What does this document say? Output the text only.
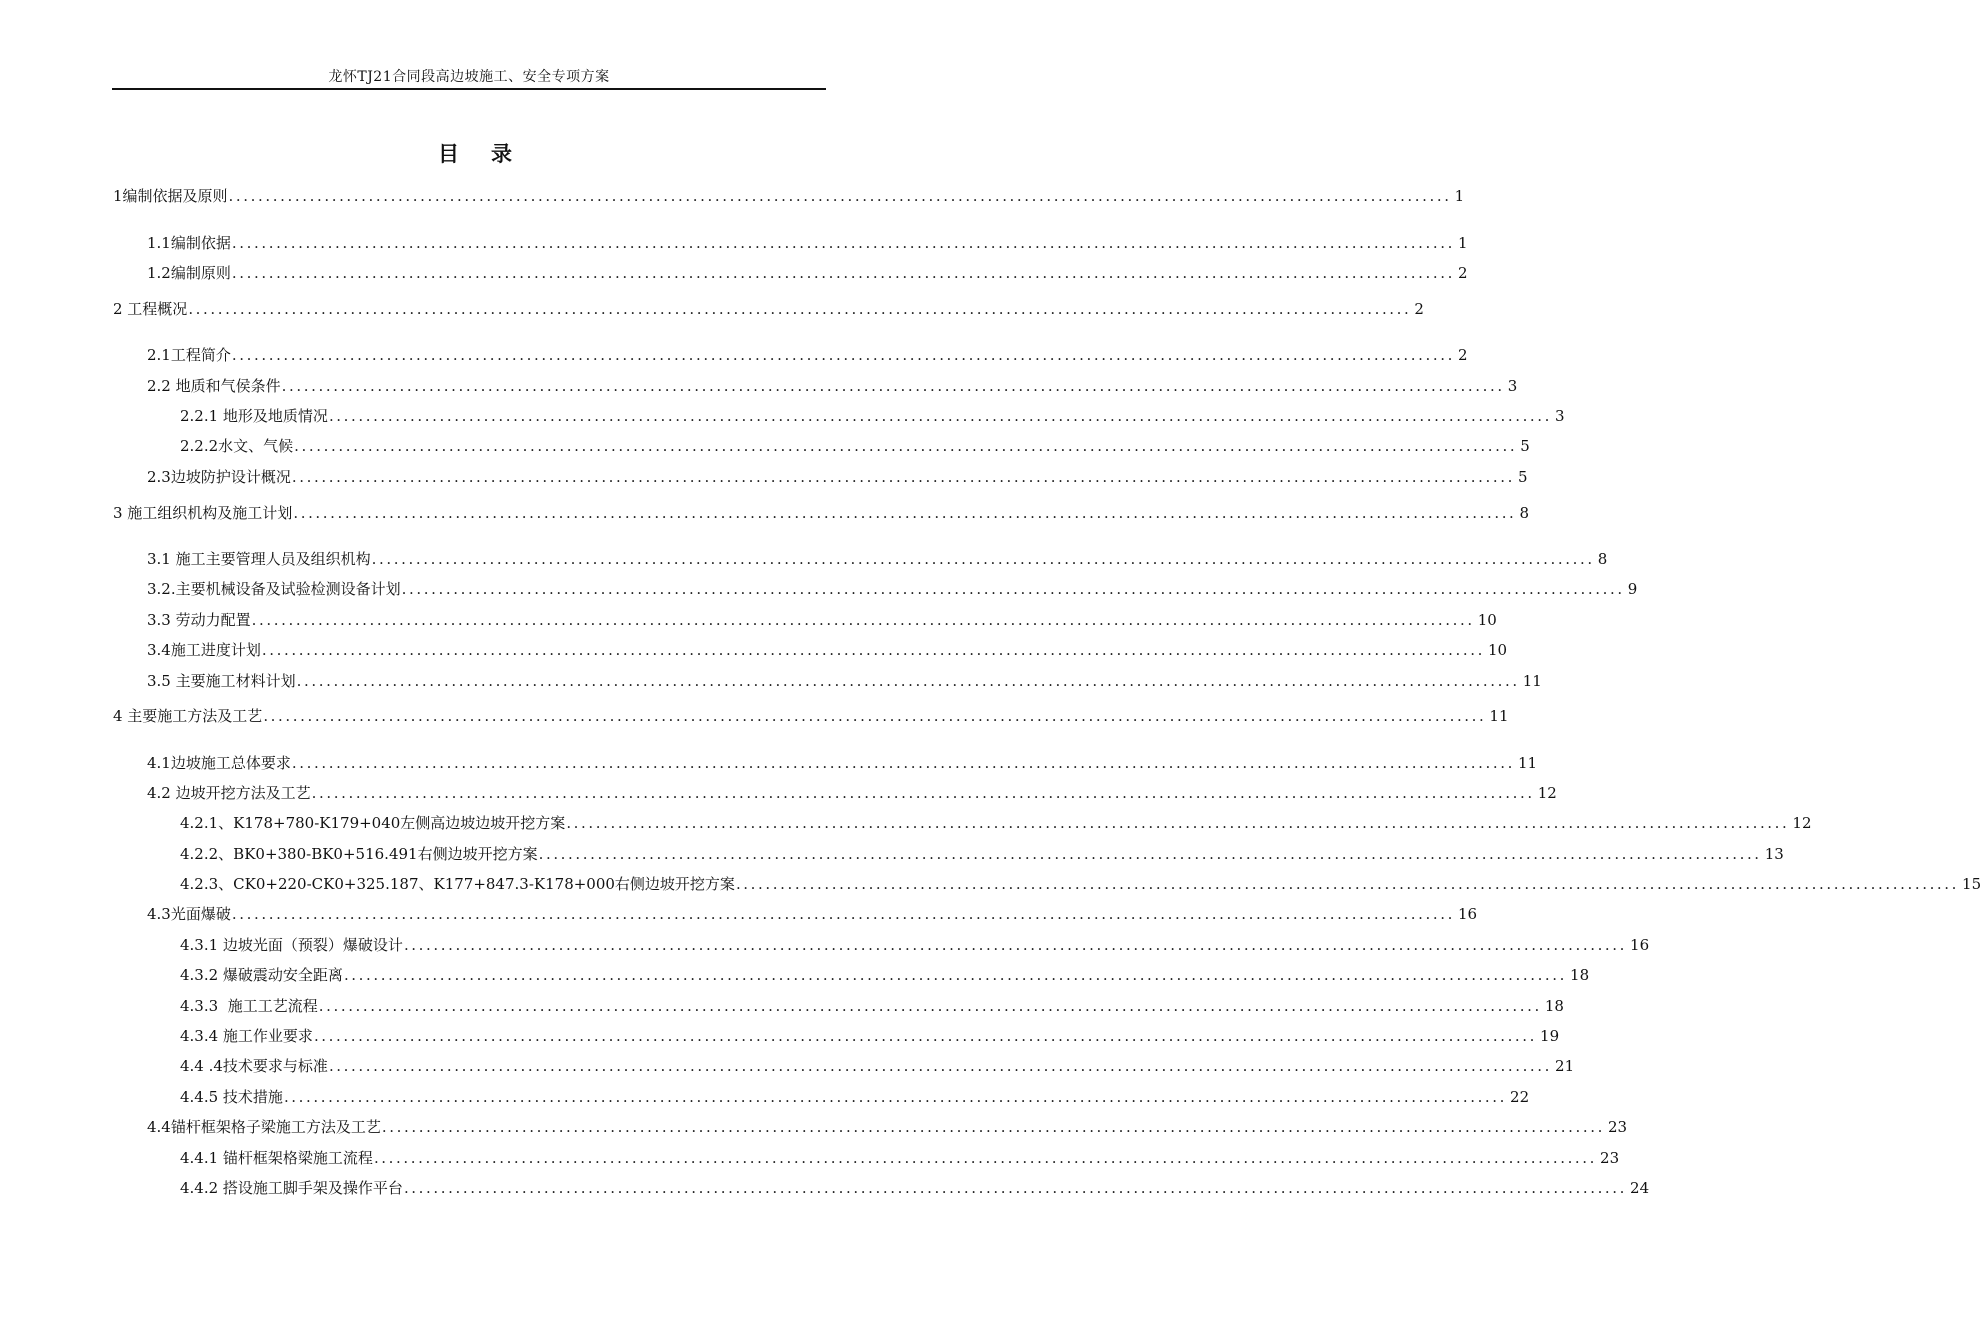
龙怀TJ21合同段高边坡施工、安全专项方案
目录
1编制依据及原则 ...................................................................................................................................................................... 1
1.1编制依据 ...................................................................................................................................................................... 1
1.2编制原则 ...................................................................................................................................................................... 2
2 工程概况 ...................................................................................................................................................................... 2
2.1工程简介 ...................................................................................................................................................................... 2
2.2 地质和气侯条件 ...................................................................................................................................................................... 3
2.2.1 地形及地质情况 ...................................................................................................................................................................... 3
2.2.2水文、气候 ...................................................................................................................................................................... 5
2.3边坡防护设计概况 ...................................................................................................................................................................... 5
3 施工组织机构及施工计划 ...................................................................................................................................................................... 8
3.1 施工主要管理人员及组织机构 ...................................................................................................................................................................... 8
3.2.主要机械设备及试验检测设备计划 ...................................................................................................................................................................... 9
3.3 劳动力配置 ...................................................................................................................................................................... 10
3.4施工进度计划 ...................................................................................................................................................................... 10
3.5 主要施工材料计划 ...................................................................................................................................................................... 11
4 主要施工方法及工艺 ...................................................................................................................................................................... 11
4.1边坡施工总体要求 ...................................................................................................................................................................... 11
4.2 边坡开挖方法及工艺 ...................................................................................................................................................................... 12
4.2.1、K178+780-K179+040左侧高边坡边坡开挖方案 ...................................................................................................................................................................... 12
4.2.2、BK0+380-BK0+516.491右侧边坡开挖方案 ...................................................................................................................................................................... 13
4.2.3、CK0+220-CK0+325.187、K177+847.3-K178+000右侧边坡开挖方案 ...................................................................................................................................................................... 15
4.3光面爆破 ...................................................................................................................................................................... 16
4.3.1 边坡光面（预裂）爆破设计 ...................................................................................................................................................................... 16
4.3.2 爆破震动安全距离 ...................................................................................................................................................................... 18
4.3.3  施工工艺流程 ...................................................................................................................................................................... 18
4.3.4 施工作业要求 ...................................................................................................................................................................... 19
4.4 .4技术要求与标准 ...................................................................................................................................................................... 21
4.4.5 技术措施 ...................................................................................................................................................................... 22
4.4锚杆框架格子梁施工方法及工艺 ...................................................................................................................................................................... 23
4.4.1 锚杆框架格梁施工流程 ...................................................................................................................................................................... 23
4.4.2 搭设施工脚手架及操作平台 ...................................................................................................................................................................... 24
